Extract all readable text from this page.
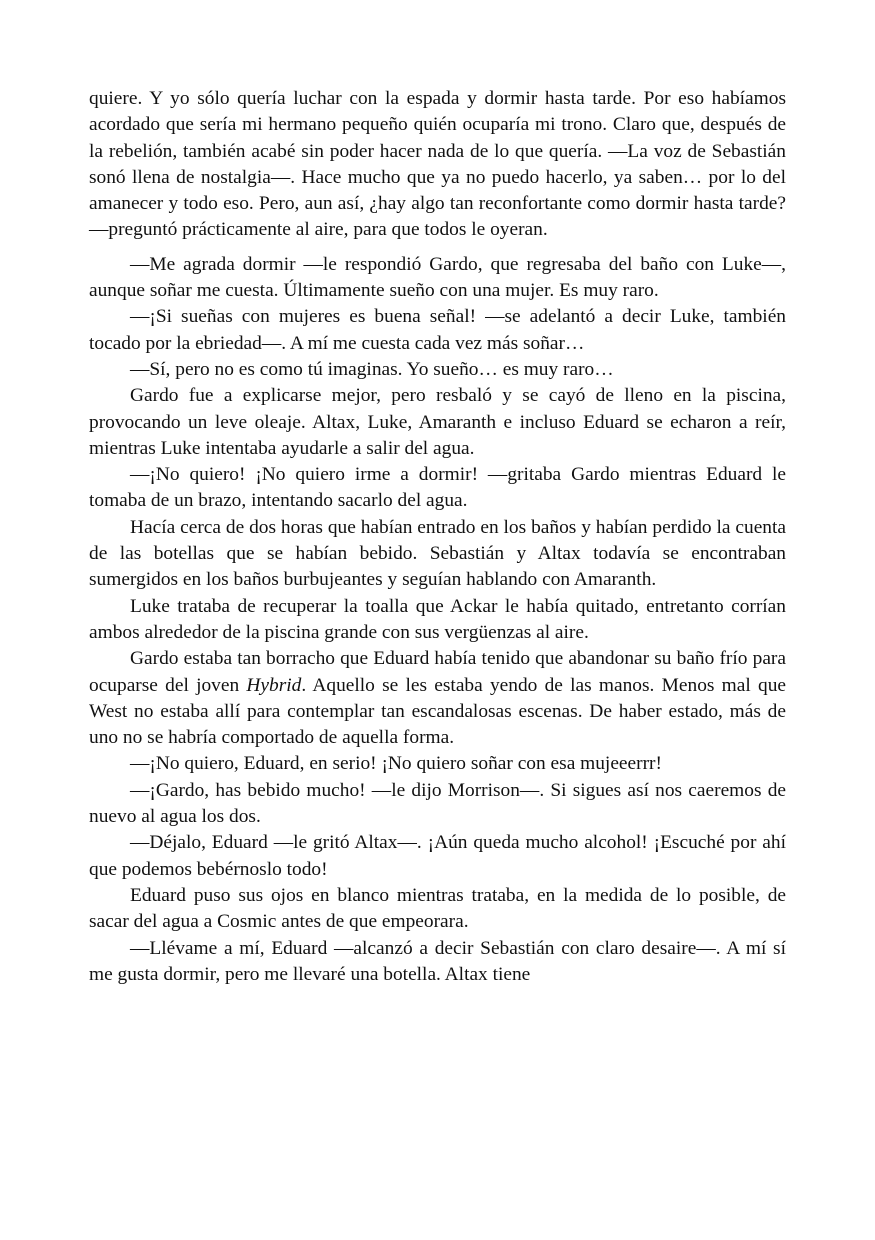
quiere. Y yo sólo quería luchar con la espada y dormir hasta tarde. Por eso habíamos acordado que sería mi hermano pequeño quién ocuparía mi trono. Claro que, después de la rebelión, también acabé sin poder hacer nada de lo que quería. —La voz de Sebastián sonó llena de nostalgia—. Hace mucho que ya no puedo hacerlo, ya saben… por lo del amanecer y todo eso. Pero, aun así, ¿hay algo tan reconfortante como dormir hasta tarde? —preguntó prácticamente al aire, para que todos le oyeran.

—Me agrada dormir —le respondió Gardo, que regresaba del baño con Luke—, aunque soñar me cuesta. Últimamente sueño con una mujer. Es muy raro.

—¡Si sueñas con mujeres es buena señal! —se adelantó a decir Luke, también tocado por la ebriedad—. A mí me cuesta cada vez más soñar…

—Sí, pero no es como tú imaginas. Yo sueño… es muy raro…

Gardo fue a explicarse mejor, pero resbaló y se cayó de lleno en la piscina, provocando un leve oleaje. Altax, Luke, Amaranth e incluso Eduard se echaron a reír, mientras Luke intentaba ayudarle a salir del agua.

—¡No quiero! ¡No quiero irme a dormir! —gritaba Gardo mientras Eduard le tomaba de un brazo, intentando sacarlo del agua.

Hacía cerca de dos horas que habían entrado en los baños y habían perdido la cuenta de las botellas que se habían bebido. Sebastián y Altax todavía se encontraban sumergidos en los baños burbujeantes y seguían hablando con Amaranth.

Luke trataba de recuperar la toalla que Ackar le había quitado, entretanto corrían ambos alrededor de la piscina grande con sus vergüenzas al aire.

Gardo estaba tan borracho que Eduard había tenido que abandonar su baño frío para ocuparse del joven Hybrid. Aquello se les estaba yendo de las manos. Menos mal que West no estaba allí para contemplar tan escandalosas escenas. De haber estado, más de uno no se habría comportado de aquella forma.

—¡No quiero, Eduard, en serio! ¡No quiero soñar con esa mujeeerrr!

—¡Gardo, has bebido mucho! —le dijo Morrison—. Si sigues así nos caeremos de nuevo al agua los dos.

—Déjalo, Eduard —le gritó Altax—. ¡Aún queda mucho alcohol! ¡Escuché por ahí que podemos bebérnoslo todo!

Eduard puso sus ojos en blanco mientras trataba, en la medida de lo posible, de sacar del agua a Cosmic antes de que empeorara.

—Llévame a mí, Eduard —alcanzó a decir Sebastián con claro desaire—. A mí sí me gusta dormir, pero me llevaré una botella. Altax tiene
